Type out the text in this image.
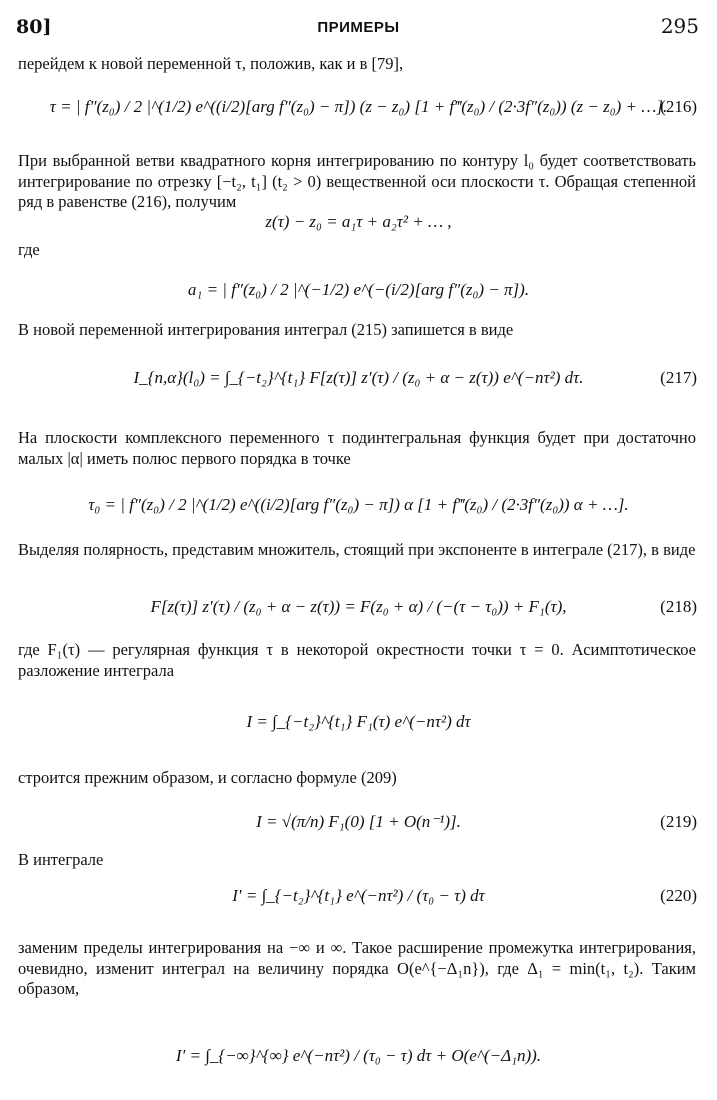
80]	ПРИМЕРЫ	295
перейдем к новой переменной τ, положив, как и в [79],
τ = | f″(z₀) / 2 |^(1/2) e^((i/2)[arg f″(z₀) − π]) (z − z₀) [1 + f‴(z₀) / (2·3f″(z₀)) (z − z₀) + …].
(216)
При выбранной ветви квадратного корня интегрированию по контуру l₀ будет соответствовать интегрирование по отрезку [−t₂, t₁] (t₂ > 0) вещественной оси плоскости τ. Обращая степенной ряд в равенстве (216), получим
z(τ) − z₀ = a₁τ + a₂τ² + … ,
где
a₁ = | f″(z₀) / 2 |^(−1/2) e^(−(i/2)[arg f″(z₀) − π]).
В новой переменной интегрирования интеграл (215) запишется в виде
I_{n,α}(l₀) = ∫_{−t₂}^{t₁} F[z(τ)] z′(τ) / (z₀ + α − z(τ)) e^(−nτ²) dτ.	(217)
На плоскости комплексного переменного τ подинтегральная функция будет при достаточно малых |α| иметь полюс первого порядка в точке
τ₀ = | f″(z₀) / 2 |^(1/2) e^((i/2)[arg f″(z₀) − π]) α [1 + f‴(z₀) / (2·3f″(z₀)) α + …].
Выделяя полярность, представим множитель, стоящий при экспоненте в интеграле (217), в виде
F[z(τ)] z′(τ) / (z₀ + α − z(τ)) = F(z₀ + α) / (−(τ − τ₀)) + F₁(τ),	(218)
где F₁(τ) — регулярная функция τ в некоторой окрестности точки τ = 0. Асимптотическое разложение интеграла
I = ∫_{−t₂}^{t₁} F₁(τ) e^(−nτ²) dτ
строится прежним образом, и согласно формуле (209)
I = √(π/n) F₁(0) [1 + O(n⁻¹)].	(219)
В интеграле
I′ = ∫_{−t₂}^{t₁} e^(−nτ²) / (τ₀ − τ) dτ	(220)
заменим пределы интегрирования на −∞ и ∞. Такое расширение промежутка интегрирования, очевидно, изменит интеграл на величину порядка O(e^{−Δ₁n}), где Δ₁ = min(t₁, t₂). Таким образом,
I′ = ∫_{−∞}^{∞} e^(−nτ²) / (τ₀ − τ) dτ + O(e^(−Δ₁n)).
